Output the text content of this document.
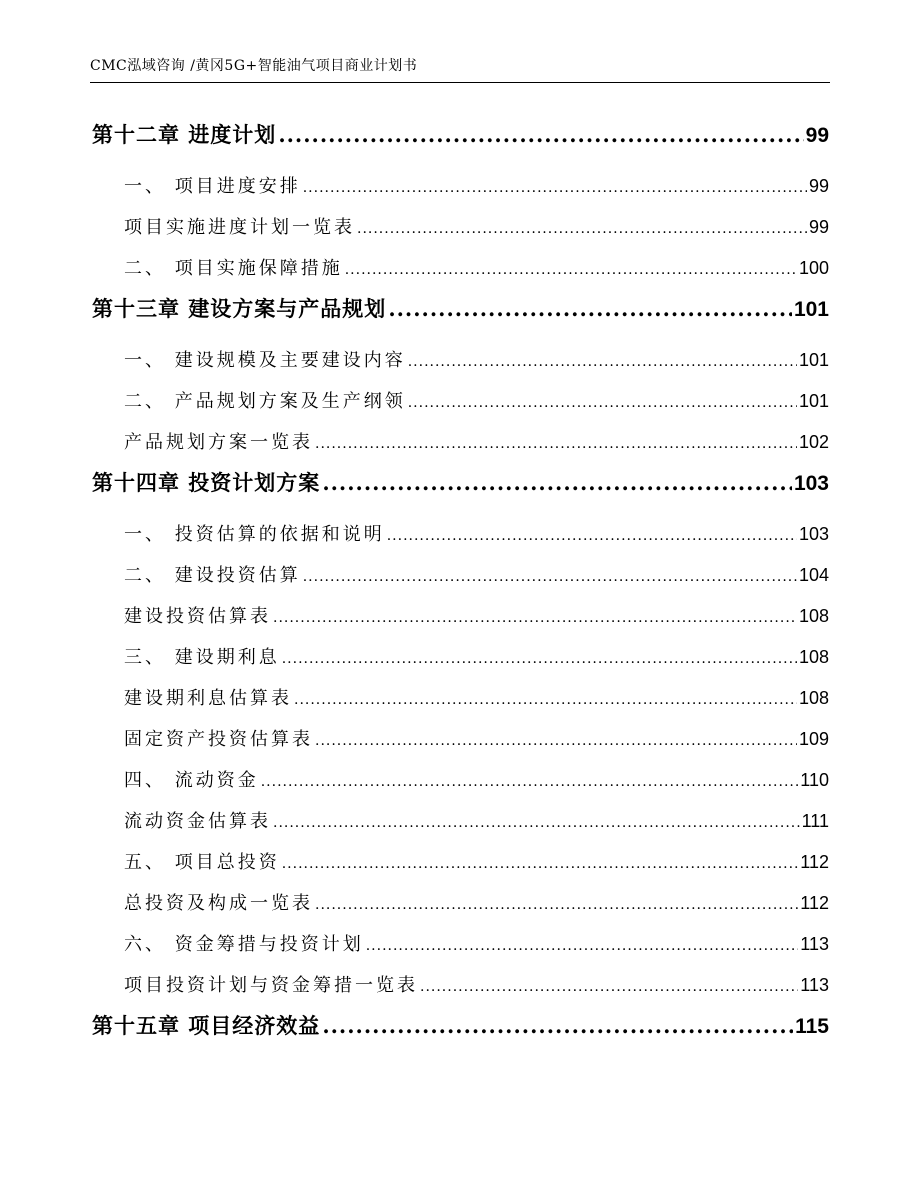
CMC泓域咨询 /黄冈5G+智能油气项目商业计划书
第十二章 进度计划 .....	99
一、 项目进度安排 .....	99
项目实施进度计划一览表 .....	99
二、 项目实施保障措施 .....	100
第十三章 建设方案与产品规划 .....	101
一、 建设规模及主要建设内容 .....	101
二、 产品规划方案及生产纲领 .....	101
产品规划方案一览表 .....	102
第十四章 投资计划方案 .....	103
一、 投资估算的依据和说明 .....	103
二、 建设投资估算 .....	104
建设投资估算表 .....	108
三、 建设期利息 .....	108
建设期利息估算表 .....	108
固定资产投资估算表 .....	109
四、 流动资金 .....	110
流动资金估算表 .....	111
五、 项目总投资 .....	112
总投资及构成一览表 .....	112
六、 资金筹措与投资计划 .....	113
项目投资计划与资金筹措一览表 .....	113
第十五章 项目经济效益 .....	115
